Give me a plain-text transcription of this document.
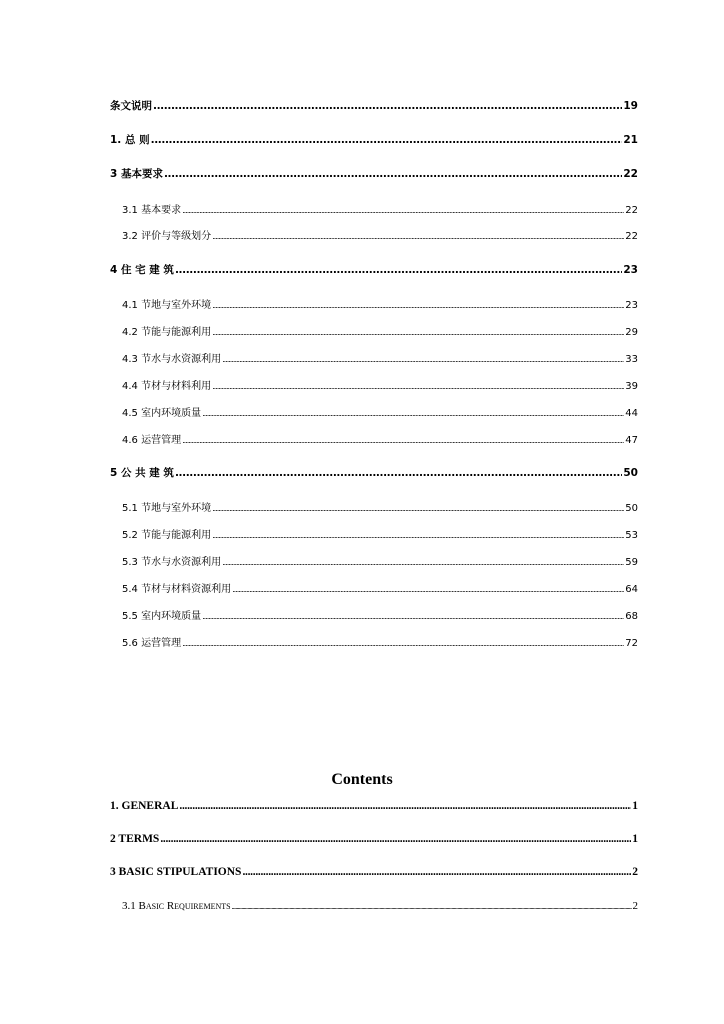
条文说明 .....	19
1. 总 则 .....	21
3 基本要求 .....	22
3.1 基本要求 .....	22
3.2 评价与等级划分 .....	22
4 住 宅 建 筑 .....	23
4.1 节地与室外环境 .....	23
4.2 节能与能源利用 .....	29
4.3 节水与水资源利用 .....	33
4.4 节材与材料利用 .....	39
4.5 室内环境质量 .....	44
4.6 运营管理 .....	47
5 公 共 建 筑 .....	50
5.1 节地与室外环境 .....	50
5.2 节能与能源利用 .....	53
5.3 节水与水资源利用 .....	59
5.4 节材与材料资源利用 .....	64
5.5 室内环境质量 .....	68
5.6 运营管理 .....	72
Contents
1. GENERAL .....	1
2 TERMS .....	1
3 BASIC STIPULATIONS .....	2
3.1 Basic Requirements .....	2
